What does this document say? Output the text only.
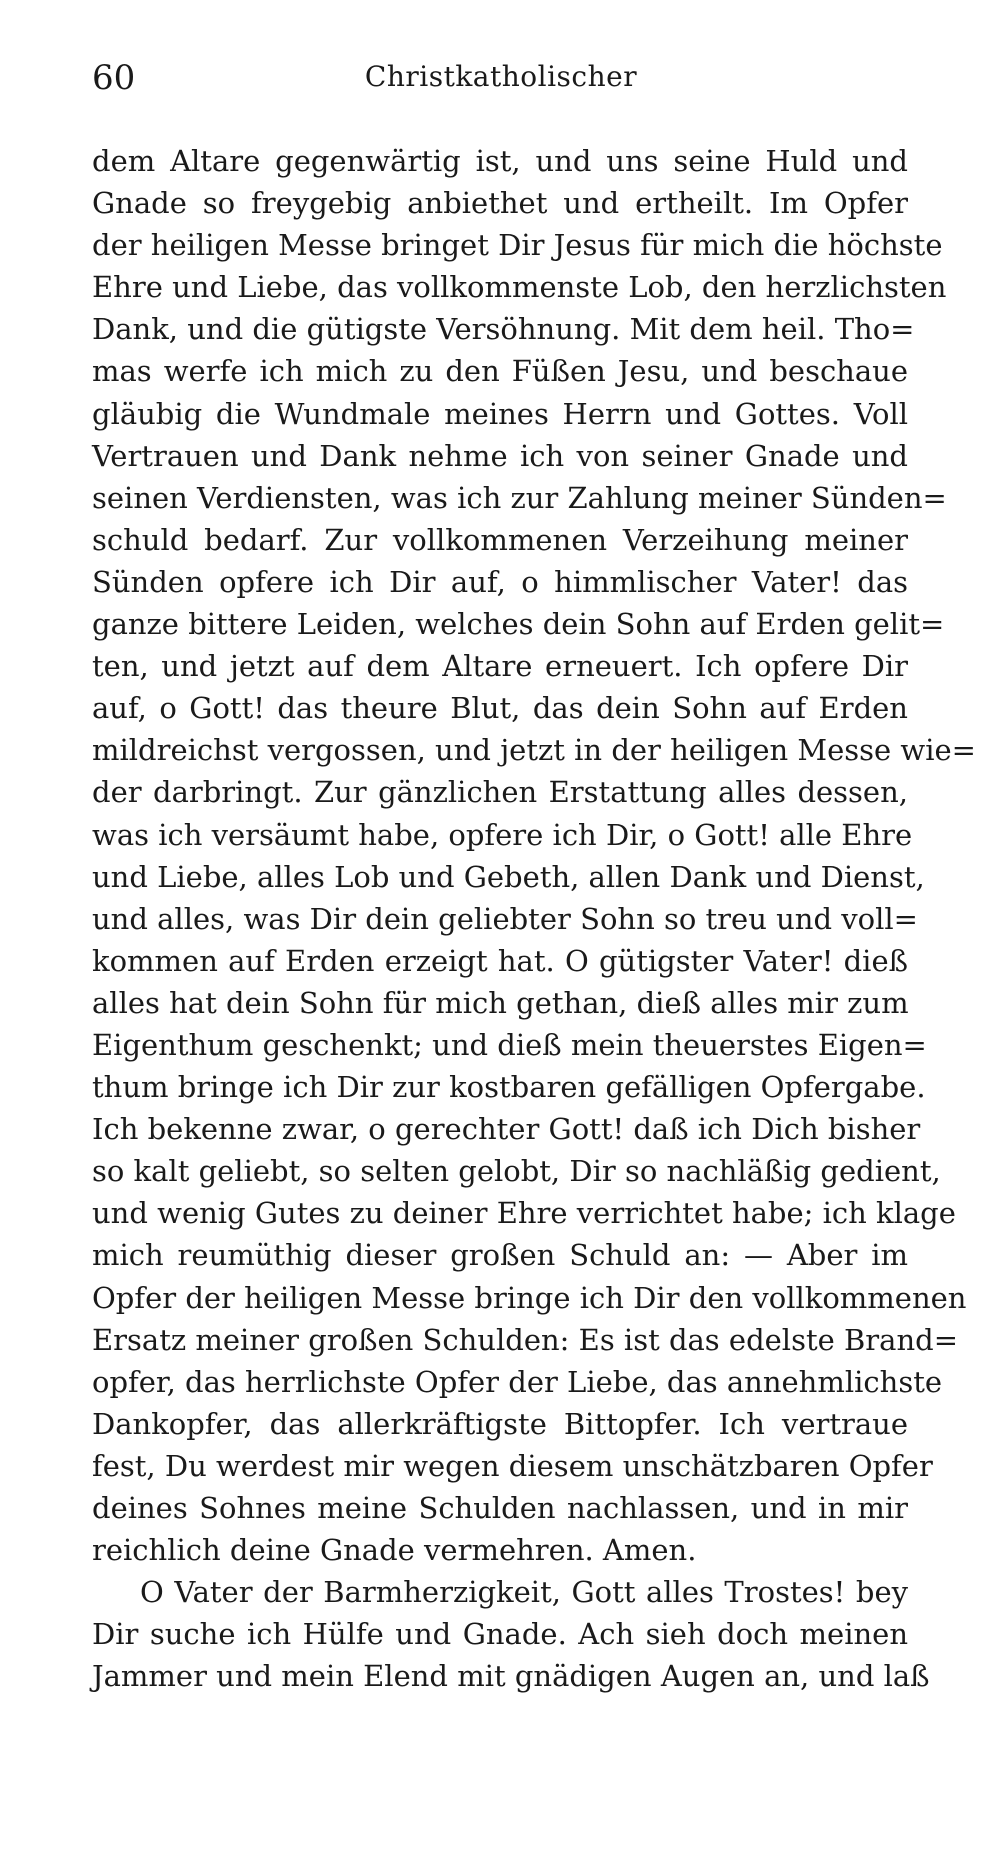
60	Christkatholischer
dem Altare gegenwärtig ist, und uns seine Huld und
Gnade so freygebig anbiethet und ertheilt. Im Opfer
der heiligen Messe bringet Dir Jesus für mich die höchste
Ehre und Liebe, das vollkommenste Lob, den herzlichsten
Dank, und die gütigste Versöhnung. Mit dem heil. Tho=
mas werfe ich mich zu den Füßen Jesu, und beschaue
gläubig die Wundmale meines Herrn und Gottes. Voll
Vertrauen und Dank nehme ich von seiner Gnade und
seinen Verdiensten, was ich zur Zahlung meiner Sünden=
schuld bedarf. Zur vollkommenen Verzeihung meiner
Sünden opfere ich Dir auf, o himmlischer Vater! das
ganze bittere Leiden, welches dein Sohn auf Erden gelit=
ten, und jetzt auf dem Altare erneuert. Ich opfere Dir
auf, o Gott! das theure Blut, das dein Sohn auf Erden
mildreichst vergossen, und jetzt in der heiligen Messe wie=
der darbringt. Zur gänzlichen Erstattung alles dessen,
was ich versäumt habe, opfere ich Dir, o Gott! alle Ehre
und Liebe, alles Lob und Gebeth, allen Dank und Dienst,
und alles, was Dir dein geliebter Sohn so treu und voll=
kommen auf Erden erzeigt hat. O gütigster Vater! dieß
alles hat dein Sohn für mich gethan, dieß alles mir zum
Eigenthum geschenkt; und dieß mein theuerstes Eigen=
thum bringe ich Dir zur kostbaren gefälligen Opfergabe.
Ich bekenne zwar, o gerechter Gott! daß ich Dich bisher
so kalt geliebt, so selten gelobt, Dir so nachläßig gedient,
und wenig Gutes zu deiner Ehre verrichtet habe; ich klage
mich reumüthig dieser großen Schuld an: — Aber im
Opfer der heiligen Messe bringe ich Dir den vollkommenen
Ersatz meiner großen Schulden: Es ist das edelste Brand=
opfer, das herrlichste Opfer der Liebe, das annehmlichste
Dankopfer, das allerkräftigste Bittopfer. Ich vertraue
fest, Du werdest mir wegen diesem unschätzbaren Opfer
deines Sohnes meine Schulden nachlassen, und in mir
reichlich deine Gnade vermehren. Amen.
O Vater der Barmherzigkeit, Gott alles Trostes! bey
Dir suche ich Hülfe und Gnade. Ach sieh doch meinen
Jammer und mein Elend mit gnädigen Augen an, und laß
